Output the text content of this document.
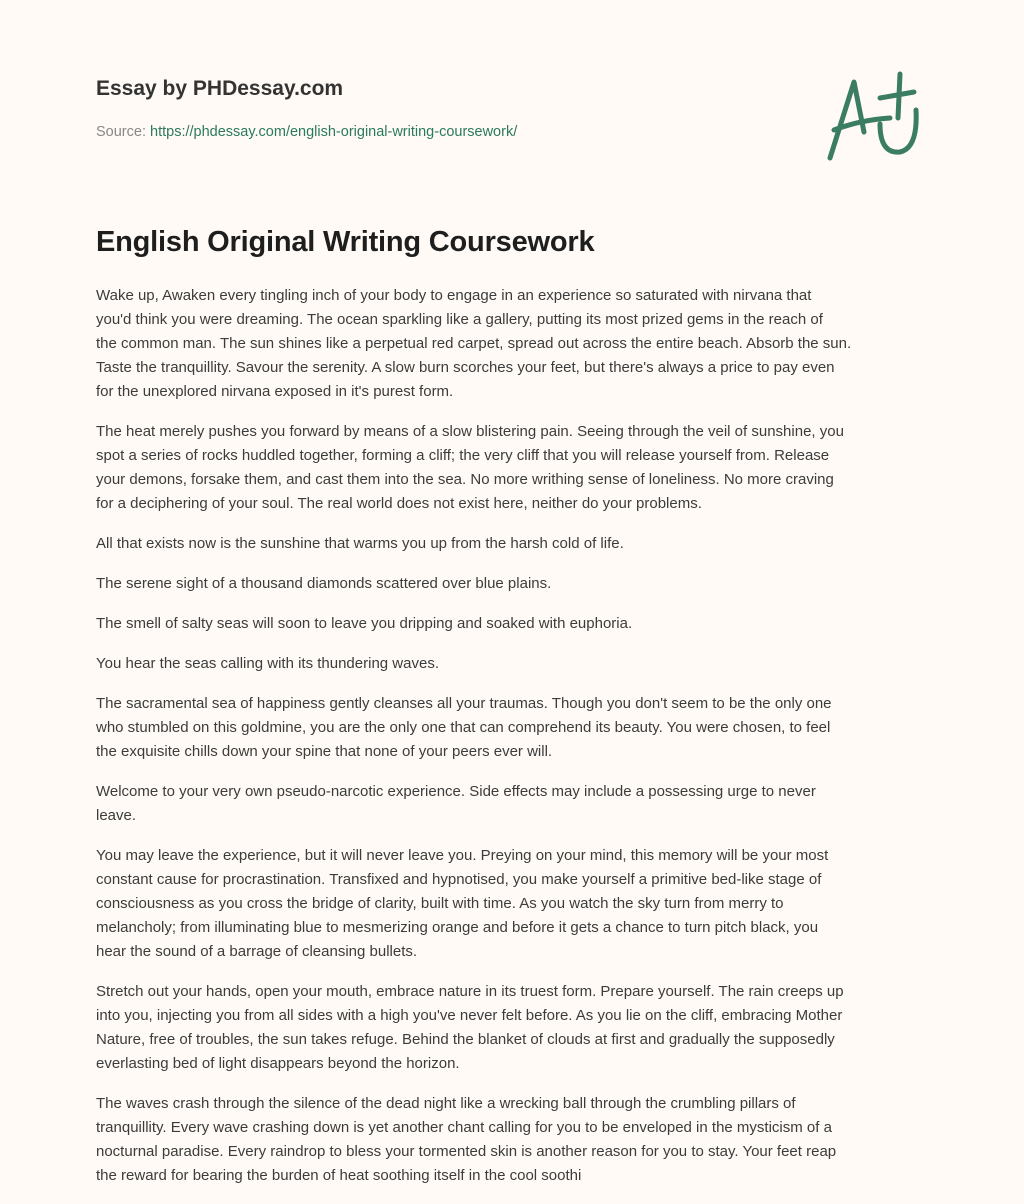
Essay by PHDessay.com
Source: https://phdessay.com/english-original-writing-coursework/
English Original Writing Coursework

Wake up, Awaken every tingling inch of your body to engage in an experience so saturated with nirvana that
you'd think you were dreaming. The ocean sparkling like a gallery, putting its most prized gems in the reach of
the common man. The sun shines like a perpetual red carpet, spread out across the entire beach. Absorb the sun.
Taste the tranquillity. Savour the serenity. A slow burn scorches your feet, but there's always a price to pay even
for the unexplored nirvana exposed in it's purest form.

The heat merely pushes you forward by means of a slow blistering pain. Seeing through the veil of sunshine, you
spot a series of rocks huddled together, forming a cliff; the very cliff that you will release yourself from. Release
your demons, forsake them, and cast them into the sea. No more writhing sense of loneliness. No more craving
for a deciphering of your soul. The real world does not exist here, neither do your problems.

All that exists now is the sunshine that warms you up from the harsh cold of life.

The serene sight of a thousand diamonds scattered over blue plains.

The smell of salty seas will soon to leave you dripping and soaked with euphoria.

You hear the seas calling with its thundering waves.

The sacramental sea of happiness gently cleanses all your traumas. Though you don't seem to be the only one
who stumbled on this goldmine, you are the only one that can comprehend its beauty. You were chosen, to feel
the exquisite chills down your spine that none of your peers ever will.

Welcome to your very own pseudo-narcotic experience. Side effects may include a possessing urge to never
leave.

You may leave the experience, but it will never leave you. Preying on your mind, this memory will be your most
constant cause for procrastination. Transfixed and hypnotised, you make yourself a primitive bed-like stage of
consciousness as you cross the bridge of clarity, built with time. As you watch the sky turn from merry to
melancholy; from illuminating blue to mesmerizing orange and before it gets a chance to turn pitch black, you
hear the sound of a barrage of cleansing bullets.

Stretch out your hands, open your mouth, embrace nature in its truest form. Prepare yourself. The rain creeps up
into you, injecting you from all sides with a high you've never felt before. As you lie on the cliff, embracing Mother
Nature, free of troubles, the sun takes refuge. Behind the blanket of clouds at first and gradually the supposedly
everlasting bed of light disappears beyond the horizon.

The waves crash through the silence of the dead night like a wrecking ball through the crumbling pillars of
tranquillity. Every wave crashing down is yet another chant calling for you to be enveloped in the mysticism of a
nocturnal paradise. Every raindrop to bless your tormented skin is another reason for you to stay. Your feet reap
the reward for bearing the burden of heat soothing itself in the cool soothi
